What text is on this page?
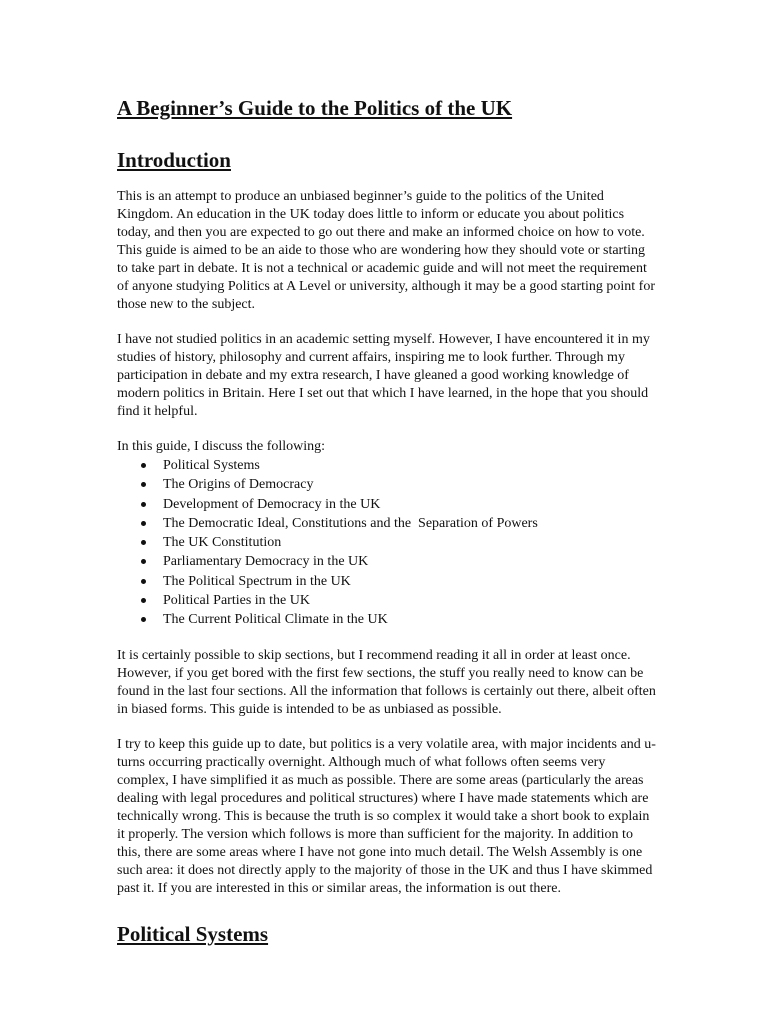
A Beginner’s Guide to the Politics of the UK
Introduction

This is an attempt to produce an unbiased beginner’s guide to the politics of the United Kingdom. An education in the UK today does little to inform or educate you about politics today, and then you are expected to go out there and make an informed choice on how to vote. This guide is aimed to be an aide to those who are wondering how they should vote or starting to take part in debate. It is not a technical or academic guide and will not meet the requirement of anyone studying Politics at A Level or university, although it may be a good starting point for those new to the subject.

I have not studied politics in an academic setting myself. However, I have encountered it in my studies of history, philosophy and current affairs, inspiring me to look further. Through my participation in debate and my extra research, I have gleaned a good working knowledge of modern politics in Britain. Here I set out that which I have learned, in the hope that you should find it helpful.

In this guide, I discuss the following:

Political Systems
The Origins of Democracy
Development of Democracy in the UK
The Democratic Ideal, Constitutions and the  Separation of Powers
The UK Constitution
Parliamentary Democracy in the UK
The Political Spectrum in the UK
Political Parties in the UK
The Current Political Climate in the UK

It is certainly possible to skip sections, but I recommend reading it all in order at least once. However, if you get bored with the first few sections, the stuff you really need to know can be found in the last four sections. All the information that follows is certainly out there, albeit often in biased forms. This guide is intended to be as unbiased as possible.

I try to keep this guide up to date, but politics is a very volatile area, with major incidents and u-turns occurring practically overnight. Although much of what follows often seems very complex, I have simplified it as much as possible. There are some areas (particularly the areas dealing with legal procedures and political structures) where I have made statements which are technically wrong. This is because the truth is so complex it would take a short book to explain it properly. The version which follows is more than sufficient for the majority. In addition to this, there are some areas where I have not gone into much detail. The Welsh Assembly is one such area: it does not directly apply to the majority of those in the UK and thus I have skimmed past it. If you are interested in this or similar areas, the information is out there.

Political Systems
